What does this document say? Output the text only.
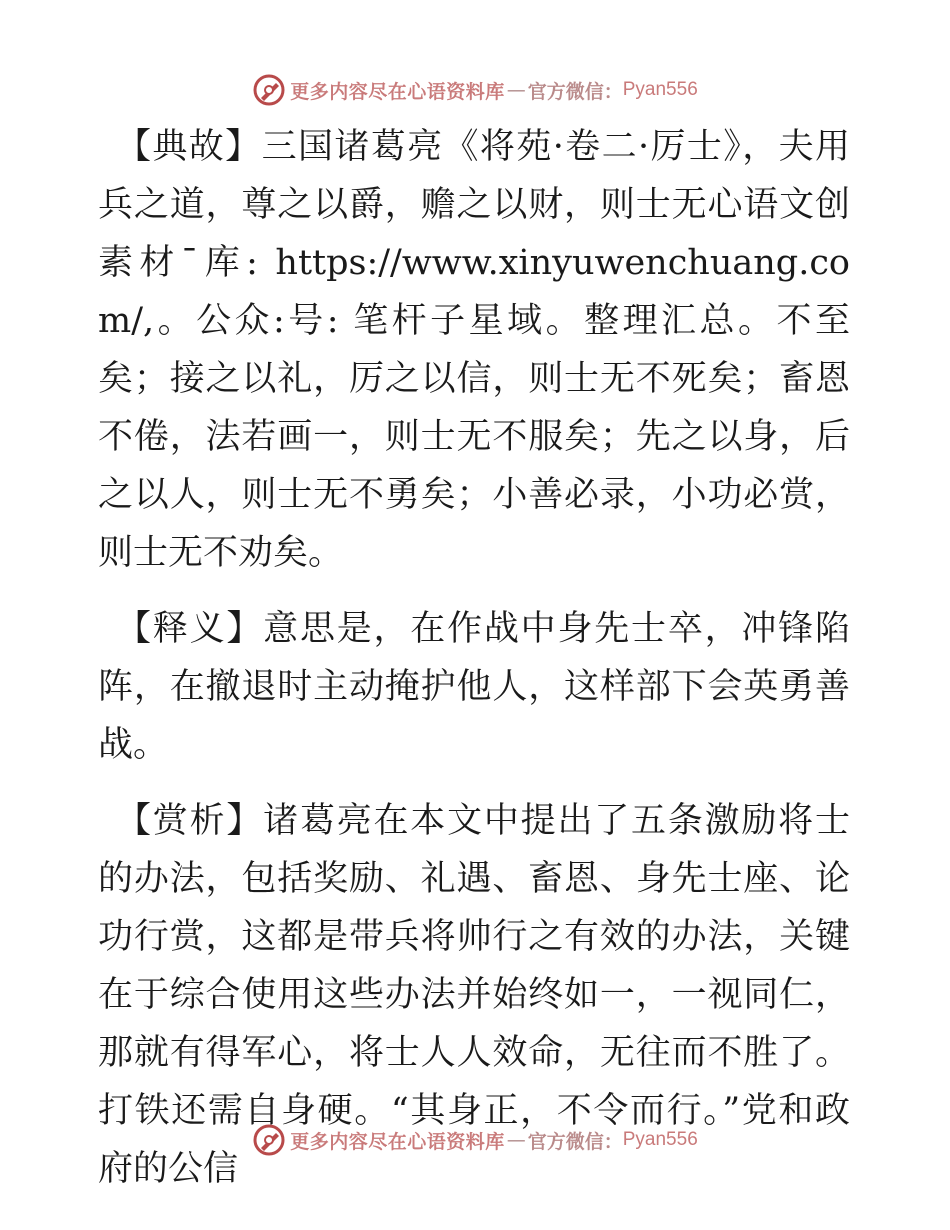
更多内容尽在心语资料库 — 官方微信： Pyan556

【典故】三国诸葛亮《将苑·卷二·厉士》，夫用兵之道，尊之以爵，赡之以财，则士无心语文创素材¯库: https://www.xinyuwenchuang.com/,。公众:号: 笔杆子星域。整理汇总。不至矣；接之以礼，厉之以信，则士无不死矣；畜恩不倦，法若画一，则士无不服矣；先之以身，后之以人，则士无不勇矣；小善必录，小功必赏，则士无不劝矣。

【释义】意思是，在作战中身先士卒，冲锋陷阵，在撤退时主动掩护他人，这样部下会英勇善战。

【赏析】诸葛亮在本文中提出了五条激励将士的办法，包括奖励、礼遇、畜恩、身先士座、论功行赏，这都是带兵将帅行之有效的办法，关键在于综合使用这些办法并始终如一，一视同仁，那就有得军心，将士人人效命，无往而不胜了。打铁还需自身硬。“其身正，不令而行。”党和政府的公信

更多内容尽在心语资料库 — 官方微信： Pyan556
